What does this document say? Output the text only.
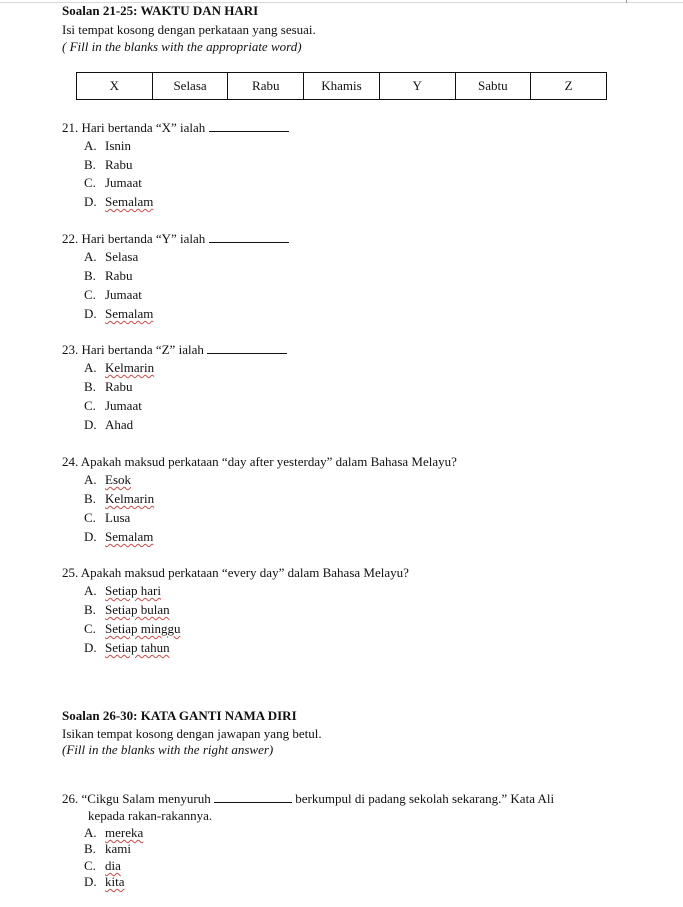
Soalan 21-25: WAKTU DAN HARI
Isi tempat kosong dengan perkataan yang sesuai.
( Fill in the blanks with the appropriate word)
X	Selasa	Rabu	Khamis	Y	Sabtu	Z
21. Hari bertanda “X” ialah
A. Isnin
B. Rabu
C. Jumaat
D. Semalam
22. Hari bertanda “Y” ialah
A. Selasa
B. Rabu
C. Jumaat
D. Semalam
23. Hari bertanda “Z” ialah
A. Kelmarin
B. Rabu
C. Jumaat
D. Ahad
24. Apakah maksud perkataan “day after yesterday” dalam Bahasa Melayu?
A. Esok
B. Kelmarin
C. Lusa
D. Semalam
25. Apakah maksud perkataan “every day” dalam Bahasa Melayu?
A. Setiap hari
B. Setiap bulan
C. Setiap minggu
D. Setiap tahun
Soalan 26-30: KATA GANTI NAMA DIRI
Isikan tempat kosong dengan jawapan yang betul.
(Fill in the blanks with the right answer)
26. “Cikgu Salam menyuruh	berkumpul di padang sekolah sekarang.” Kata Ali
kepada rakan-rakannya.
A. mereka
B. kami
C. dia
D. kita
